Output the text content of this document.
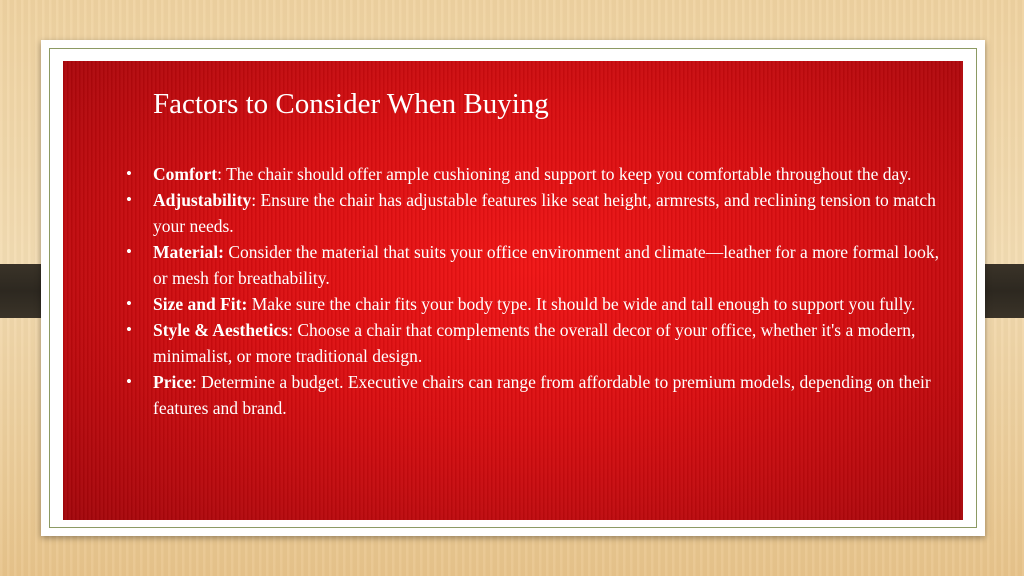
Factors to Consider When Buying
• Comfort: The chair should offer ample cushioning and support to keep you comfortable throughout the day.
• Adjustability: Ensure the chair has adjustable features like seat height, armrests, and reclining tension to match your needs.
• Material: Consider the material that suits your office environment and climate—leather for a more formal look, or mesh for breathability.
• Size and Fit: Make sure the chair fits your body type. It should be wide and tall enough to support you fully.
• Style & Aesthetics: Choose a chair that complements the overall decor of your office, whether it's a modern, minimalist, or more traditional design.
• Price: Determine a budget. Executive chairs can range from affordable to premium models, depending on their features and brand.
